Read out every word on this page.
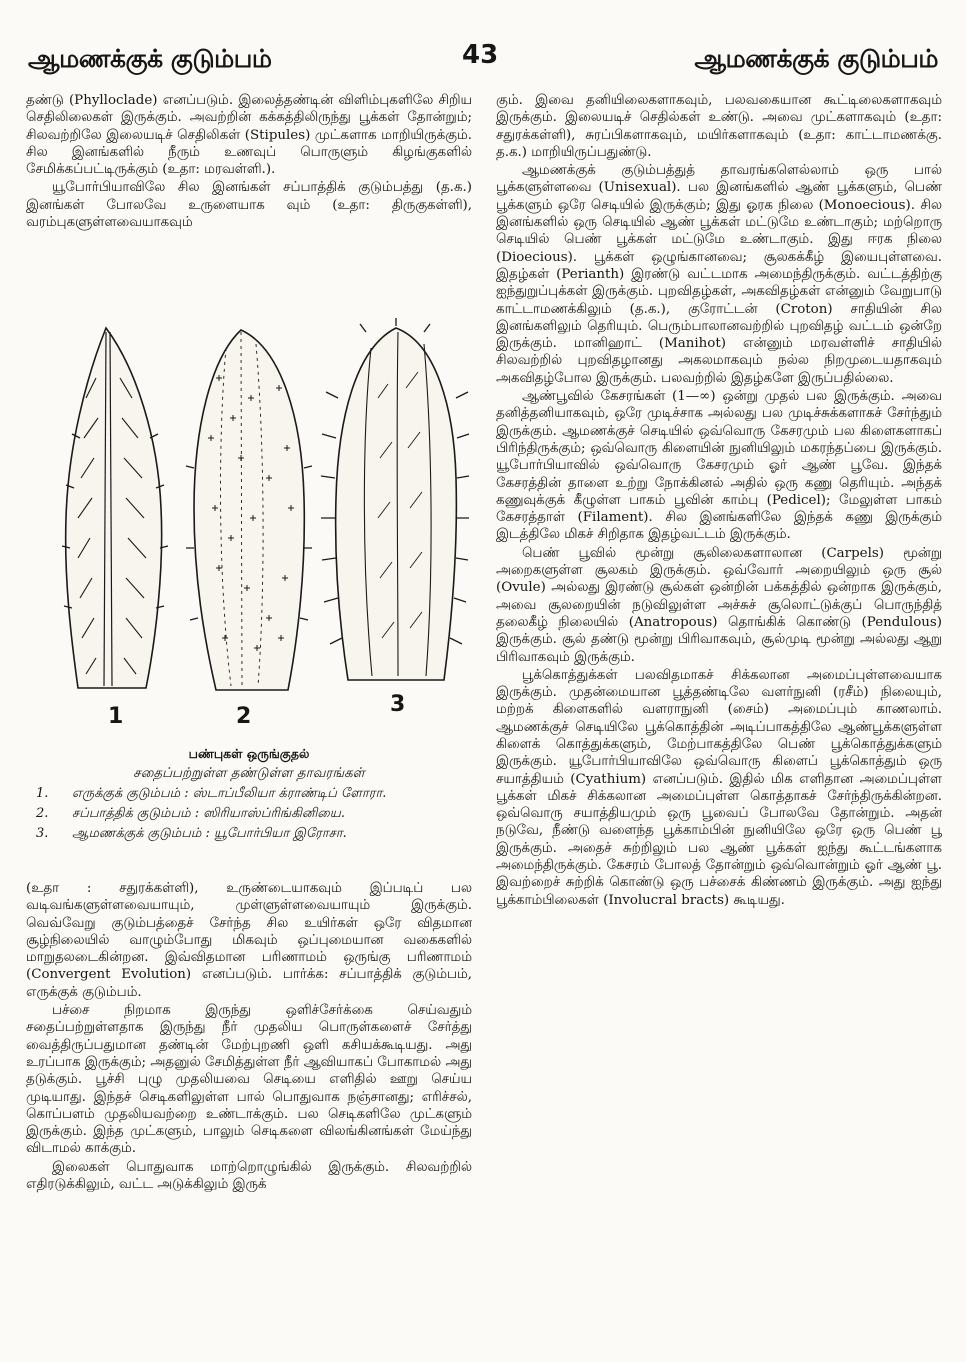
ஆமணக்குக் குடும்பம்	43	ஆமணக்குக் குடும்பம்

தண்டு (Phylloclade) எனப்படும். இலைத்தண்டின் விளிம்புகளிலே சிறிய செதிலிலைகள் இருக்கும். அவற்றின் கக்கத்திலிருந்து பூக்கள் தோன்றும்; சிலவற்றிலே இலையடிச் செதிலிகள் (Stipules) முட்களாக மாறியிருக்கும். சில இனங்களில் நீரும் உணவுப் பொருளும் கிழங்குகளில் சேமிக்கப்பட்டிருக்கும் (உதா: மரவள்ளி.).

யூபோர்பியாவிலே சில இனங்கள் சப்பாத்திக் குடும்பத்து (த.க.) இனங்கள் போலவே உருளையாக வும் (உதா: திருகுகள்ளி), வரம்புகளுள்ளவையாகவும்

1	2	3
பண்புகள் ஒருங்குதல்
சதைப்பற்றுள்ள தண்டுள்ள தாவரங்கள்
1. எருக்குக் குடும்பம் : ஸ்டாப்பீலியா க்ராண்டிப் ளோரா.
2. சப்பாத்திக் குடும்பம் : ஸிரியாஸ்ப்ரிங்கினியை.
3. ஆமணக்குக் குடும்பம் : யூபோர்பியா இரோசா.

(உதா : சதுரக்கள்ளி), உருண்டையாகவும் இப்படிப் பல வடிவங்களுள்ளவையாயும், முள்ளுள்ளவையாயும் இருக்கும். வெவ்வேறு குடும்பத்தைச் சேர்ந்த சில உயிர்கள் ஒரே விதமான சூழ்நிலையில் வாழும்போது மிகவும் ஒப்புமையான வகைகளில் மாறுதலடைகின்றன. இவ்விதமான பரிணாமம் ஒருங்கு பரிணாமம் (Convergent Evolution) எனப்படும். பார்க்க: சப்பாத்திக் குடும்பம், எருக்குக் குடும்பம்.

பச்சை நிறமாக இருந்து ஒளிச்சேர்க்கை செய்வதும் சதைப்பற்றுள்ளதாக இருந்து நீர் முதலிய பொருள்களைச் சேர்த்து வைத்திருப்பதுமான தண்டின் மேற்புறணி ஒளி கசியக்கூடியது. அது உரப்பாக இருக்கும்; அதனுல் சேமித்துள்ள நீர் ஆவியாகப் போகாமல் அது தடுக்கும். பூச்சி புழு முதலியவை செடியை எளிதில் ஊறு செய்ய முடியாது. இந்தச் செடிகளிலுள்ள பால் பொதுவாக நஞ்சானது; எரிச்சல், கொப்பளம் முதலியவற்றை உண்டாக்கும். பல செடிகளிலே முட்களும் இருக்கும். இந்த முட்களும், பாலும் செடிகளை விலங்கினங்கள் மேய்ந்து விடாமல் காக்கும்.

இலைகள் பொதுவாக மாற்றொழுங்கில் இருக்கும். சிலவற்றில் எதிரடுக்கிலும், வட்ட அடுக்கிலும் இருக்

கும். இவை தனியிலைகளாகவும், பலவகையான கூட்டிலைகளாகவும் இருக்கும். இலையடிச் செதில்கள் உண்டு. அவை முட்களாகவும் (உதா: சதுரக்கள்ளி), சுரப்பிகளாகவும், மயிர்களாகவும் (உதா: காட்டாமணக்கு. த.க.) மாறியிருப்பதுண்டு.

ஆமணக்குக் குடும்பத்துத் தாவரங்களெல்லாம் ஒரு பால் பூக்களுள்ளவை (Unisexual). பல இனங்களில் ஆண் பூக்களும், பெண் பூக்களும் ஒரே செடியில் இருக்கும்; இது ஓரக நிலை (Monoecious). சில இனங்களில் ஒரு செடியில் ஆண் பூக்கள் மட்டுமே உண்டாகும்; மற்றொரு செடியில் பெண் பூக்கள் மட்டுமே உண்டாகும். இது ஈரக நிலை (Dioecious). பூக்கள் ஒழுங்கானவை; சூலகக்கீழ் இயைபுள்ளவை. இதழ்கள் (Perianth) இரண்டு வட்டமாக அமைந்திருக்கும். வட்டத்திற்கு ஐந்துறுப்புக்கள் இருக்கும். புறவிதழ்கள், அகவிதழ்கள் என்னும் வேறுபாடு காட்டாமணக்கிலும் (த.க.), குரோட்டன் (Croton) சாதியின் சில இனங்களிலும் தெரியும். பெரும்பாலானவற்றில் புறவிதழ் வட்டம் ஒன்றே இருக்கும். மானிஹாட் (Manihot) என்னும் மரவள்ளிச் சாதியில் சிலவற்றில் புறவிதழானது அகலமாகவும் நல்ல நிறமுடையதாகவும் அகவிதழ்போல இருக்கும். பலவற்றில் இதழ்களே இருப்பதில்லை.

ஆண்பூவில் கேசரங்கள் (1—∞) ஒன்று முதல் பல இருக்கும். அவை தனித்தனியாகவும், ஒரே முடிச்சாக அல்லது பல முடிச்சுக்களாகச் சேர்ந்தும் இருக்கும். ஆமணக்குச் செடியில் ஒவ்வொரு கேசரமும் பல கிளைகளாகப் பிரிந்திருக்கும்; ஒவ்வொரு கிளையின் நுனியிலும் மகரந்தப்பை இருக்கும். யூபோர்பியாவில் ஒவ்வொரு கேசரமும் ஓர் ஆண் பூவே. இந்தக் கேசரத்தின் தாளை உற்று நோக்கினல் அதில் ஒரு கணு தெரியும். அந்தக் கணுவுக்குக் கீழுள்ள பாகம் பூவின் காம்பு (Pedicel); மேலுள்ள பாகம் கேசரத்தாள் (Filament). சில இனங்களிலே இந்தக் கணு இருக்கும் இடத்திலே மிகச் சிறிதாக இதழ்வட்டம் இருக்கும்.

பெண் பூவில் மூன்று சூலிலைகளாலான (Carpels) மூன்று அறைகளுள்ள சூலகம் இருக்கும். ஒவ்வோர் அறையிலும் ஒரு சூல் (Ovule) அல்லது இரண்டு சூல்கள் ஒன்றின் பக்கத்தில் ஒன்றாக இருக்கும், அவை சூலறையின் நடுவிலுள்ள அச்சுச் சூலொட்டுக்குப் பொருந்தித் தலைகீழ் நிலையில் (Anatropous) தொங்கிக் கொண்டு (Pendulous) இருக்கும். சூல் தண்டு மூன்று பிரிவாகவும், சூல்முடி மூன்று அல்லது ஆறு பிரிவாகவும் இருக்கும்.

பூக்கொத்துக்கள் பலவிதமாகச் சிக்கலான அமைப்புள்ளவையாக இருக்கும். முதன்மையான பூத்தண்டிலே வளர்நுனி (ரசீம்) நிலையும், மற்றக் கிளைகளில் வளராநுனி (சைம்) அமைப்பும் காணலாம். ஆமணக்குச் செடியிலே பூக்கொத்தின் அடிப்பாகத்திலே ஆண்பூக்களுள்ள கிளைக் கொத்துக்களும், மேற்பாகத்திலே பெண் பூக்கொத்துக்களும் இருக்கும். யூபோர்பியாவிலே ஒவ்வொரு கிளைப் பூக்கொத்தும் ஒரு சயாத்தியம் (Cyathium) எனப்படும். இதில் மிக எளிதான அமைப்புள்ள பூக்கள் மிகச் சிக்கலான அமைப்புள்ள கொத்தாகச் சேர்ந்திருக்கின்றன. ஒவ்வொரு சயாத்தியமும் ஒரு பூவைப் போலவே தோன்றும். அதன் நடுவே, நீண்டு வளைந்த பூக்காம்பின் நுனியிலே ஒரே ஒரு பெண் பூ இருக்கும். அதைச் சுற்றிலும் பல ஆண் பூக்கள் ஐந்து கூட்டங்களாக அமைந்திருக்கும். கேசரம் போலத் தோன்றும் ஒவ்வொன்றும் ஓர் ஆண் பூ. இவற்றைச் சுற்றிக் கொண்டு ஒரு பச்சைக் கிண்ணம் இருக்கும். அது ஐந்து பூக்காம்பிலைகள் (Involucral bracts) கூடியது.
